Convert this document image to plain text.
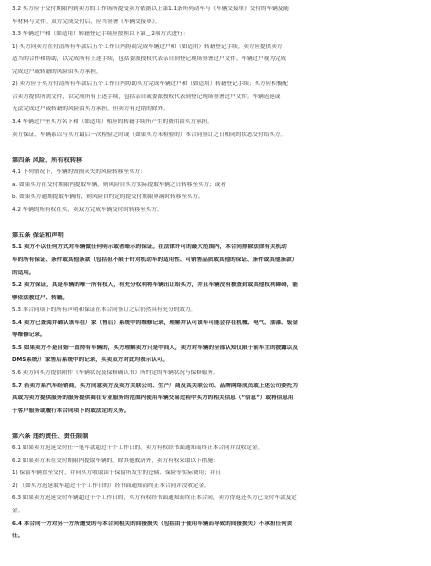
3.2 买方应于交付期限内到卖方的工作场所提受卖方依据以上第1.1条所列动车与《车辆交接单》交付的车辆及随
车材料与文件。双方完成交付后，应当签署《车辆交接单》。
3.3 车辆过户和（如适用）转籍登记手续应按照以下第＿2项方式进行：
1) 买方向卖方在付清所有车款后五个工作日内协商完成车辆过户和（如适用）转籍登记手续。卖方应提供卖方
适当的合作和协助，以完成所有上述手续，包括委派授权代表亲自到登记现场签署过户文件。车辆过户视为完成
完成过户或转籍的风险由买方承担。
2) 卖方应于买方付清所有车款后五个工作日内协助买方完成车辆过户和（如适用）转籍登记手续；买方应积极配
合卖方提供所需文件，以完成所有上述手续，包括亲自或委派授权代表到登记现场签署过户文件。车辆迟延或
无法完成过户或转籍的风险由买方承担，但卖方有过错的除外。
3.4 车辆过户至买方名下和（如适用）相应的转籍手续所产生的费用由买方承担。
卖方保证，车辆系以与买方最后一次检验之时或（如果买方未检验的）本合同签订之日相同的状态交付给买方。
第四条 风险、所有权转移
4.1 下列情况下，车辆的毁损灭失的风险转移至买方：
a. 如果买方在交付期限内提取车辆，则风险自买方实际提取车辆之日转移至买方；或者
b. 如果买方逾期提取车辆的，则风险自约定的提交付期限界满时转移至买方。
4.2 车辆的所有权在买、卖双方完成车辆交付时转移至买方。
第五条 保证和声明
5.1 卖方不以任何方式对车辆做任何明示或者暗示的保证。在法律许可的最大范围内，本合同排除法律有关机动
车的所有保证、条件或其他条款（包括但不限于针对机动车的适用性、可销售品质或其他的保证、条件或其他条款）
的适用。
5.2 卖方保证，其是车辆的唯一所有权人，有充分权利将车辆出让给买方，并且车辆没有被查封或其他权利障碍，能
够依法被过户、转籍。
5.3 本合同项下的所有声明和保证在本合同签订之后仍然具有充分的效力。
5.4 卖方已查阅并确认该车在厂家（售后）系统中的维修记录，理解并认可该车可能会存在机械、电气、油漆、钣金
等维修记录。
5.5 如果卖方不是自始一直持有车辆的，买方理解卖方只是中间人，卖方对车辆的全部认知仅限于前车主的披露以及
DMS系统/厂家售后系统中的记录，买卖双方对此均表示认可。
5.6 卖方向买方提供附件《车辆状况及保修确认书》所约定的车辆状况与保修服务。
5.7 若卖方系汽车经销商，买方同意卖方及卖方关联公司、生产厂商及其关联公司、品牌网络成员或上述公司委托为
其或为卖方提供服务的服务提供商在专业服务的范围内使用车辆交易过程中买方的相关信息（“信息”）或将信息用
于客户服务或履行本合同项下的或法定的义务。
第六条 违约责任、责任限制
6.1 如果卖方迟延交付任一笔车款超过十个工作日的，卖方有权经书面通知而终止本合同并没收定金。
6.2 如果卖方未在交付期限内提取车辆的，除其他救济外，卖方有权采取以下措施：
1) 保留车辆直至交付，并向买方收取由于保留所发生的仓储、保险等实际费用；并且
2) （如买方迟延取车超过十个工作日的）经书面通知而终止本合同并没收定金。
6.3 如果卖方迟延交付车辆超过十个工作日的，买方有权经书面通知而终止本合同，卖方得返还买方已支付车款及定
金。
6.4 本合同一方对另一方所遭受的与本合同相关的间接损失（包括由于使用车辆而导致的间接损失）不承担任何责
任。
